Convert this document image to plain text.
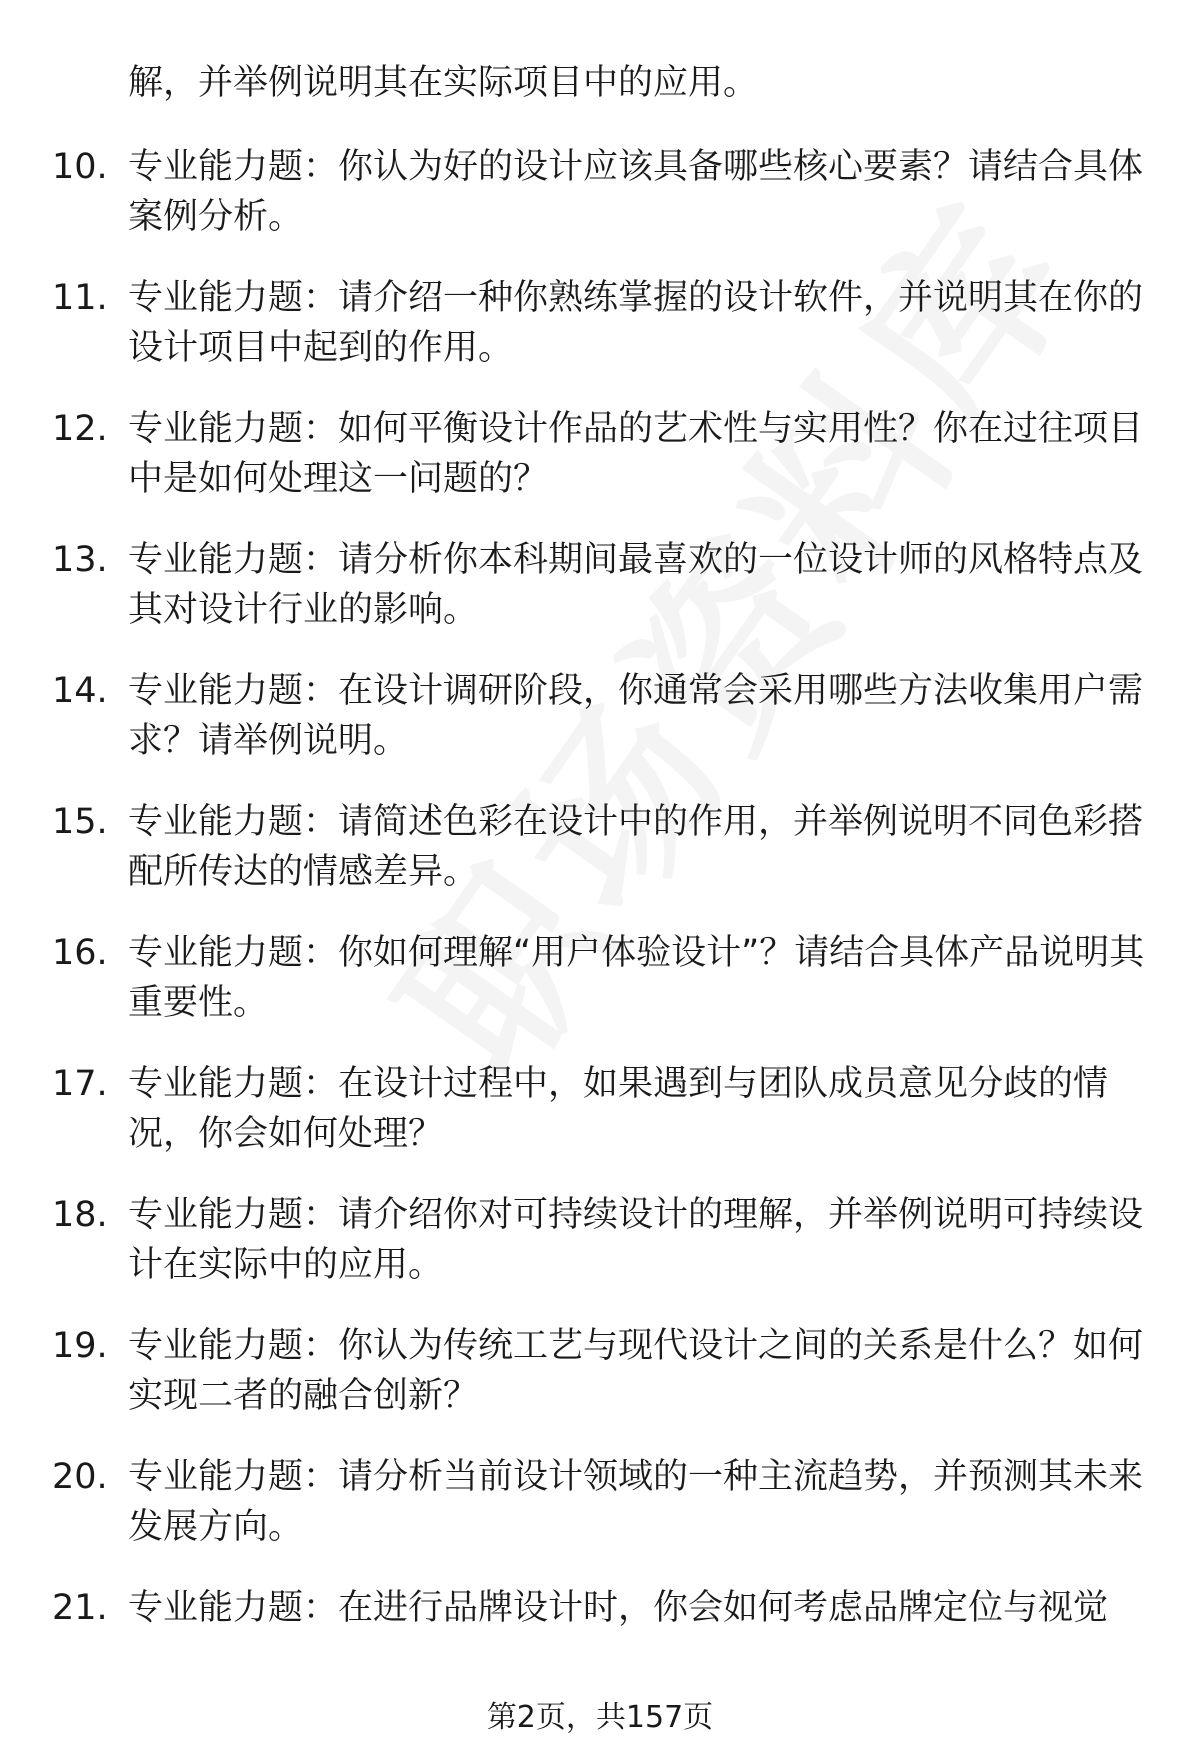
解，并举例说明其在实际项目中的应用。
10. 专业能力题：你认为好的设计应该具备哪些核心要素？请结合具体案例分析。
11. 专业能力题：请介绍一种你熟练掌握的设计软件，并说明其在你的设计项目中起到的作用。
12. 专业能力题：如何平衡设计作品的艺术性与实用性？你在过往项目中是如何处理这一问题的？
13. 专业能力题：请分析你本科期间最喜欢的一位设计师的风格特点及其对设计行业的影响。
14. 专业能力题：在设计调研阶段，你通常会采用哪些方法收集用户需求？请举例说明。
15. 专业能力题：请简述色彩在设计中的作用，并举例说明不同色彩搭配所传达的情感差异。
16. 专业能力题：你如何理解“用户体验设计”？请结合具体产品说明其重要性。
17. 专业能力题：在设计过程中，如果遇到与团队成员意见分歧的情况，你会如何处理？
18. 专业能力题：请介绍你对可持续设计的理解，并举例说明可持续设计在实际中的应用。
19. 专业能力题：你认为传统工艺与现代设计之间的关系是什么？如何实现二者的融合创新？
20. 专业能力题：请分析当前设计领域的一种主流趋势，并预测其未来发展方向。
21. 专业能力题：在进行品牌设计时，你会如何考虑品牌定位与视觉
第2页，共157页
